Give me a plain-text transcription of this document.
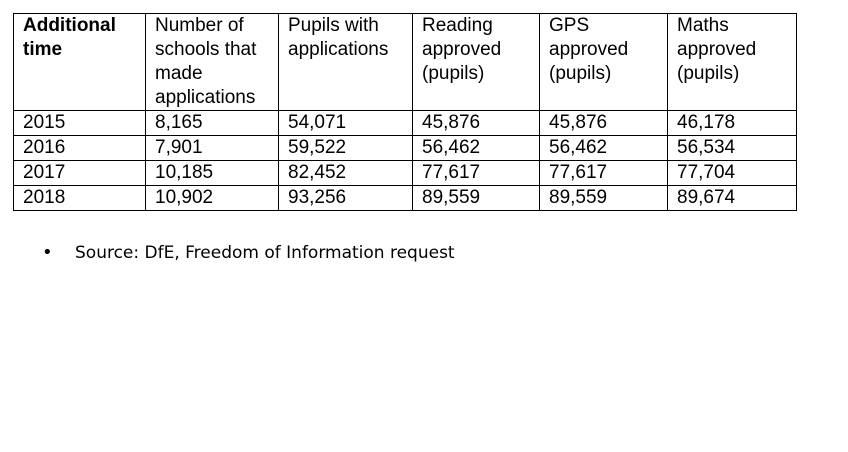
Additional time	Number of schools that made applications	Pupils with applications	Reading approved (pupils)	GPS approved (pupils)	Maths approved (pupils)
2015	8,165	54,071	45,876	45,876	46,178
2016	7,901	59,522	56,462	56,462	56,534
2017	10,185	82,452	77,617	77,617	77,704
2018	10,902	93,256	89,559	89,559	89,674
• Source: DfE, Freedom of Information request
